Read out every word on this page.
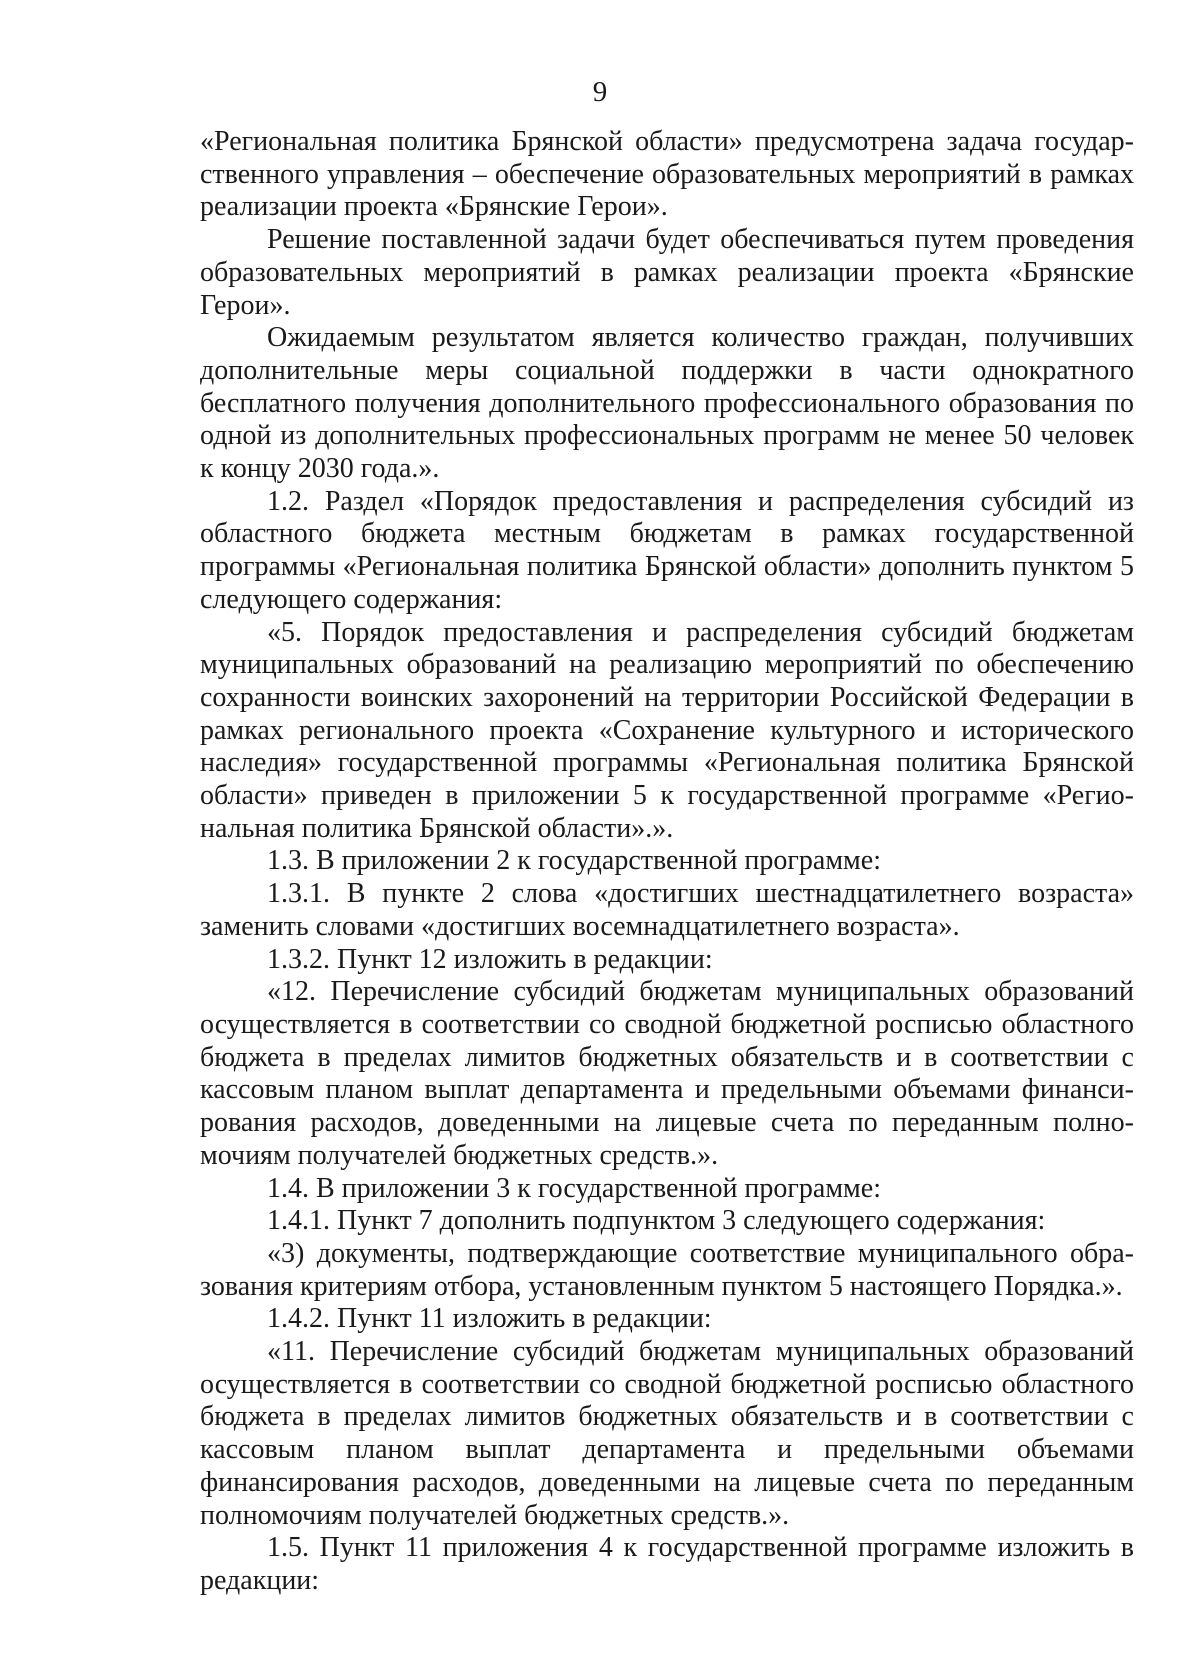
9

«Региональная политика Брянской области» предусмотрена задача государственного управления – обеспечение образовательных мероприятий в рамках реализации проекта «Брянские Герои».

Решение поставленной задачи будет обеспечиваться путем проведения образовательных мероприятий в рамках реализации проекта «Брянские Герои».

Ожидаемым результатом является количество граждан, получивших дополнительные меры социальной поддержки в части однократного бесплатного получения дополнительного профессионального образования по одной из дополнительных профессиональных программ не менее 50 человек к концу 2030 года.».

1.2. Раздел «Порядок предоставления и распределения субсидий из областного бюджета местным бюджетам в рамках государственной программы «Региональная политика Брянской области» дополнить пунктом 5 следующего содержания:

«5. Порядок предоставления и распределения субсидий бюджетам муниципальных образований на реализацию мероприятий по обеспечению сохранности воинских захоронений на территории Российской Федерации в рамках регионального проекта «Сохранение культурного и исторического наследия» государственной программы «Региональная политика Брянской области» приведен в приложении 5 к государственной программе «Региональная политика Брянской области».».

1.3. В приложении 2 к государственной программе:

1.3.1. В пункте 2 слова «достигших шестнадцатилетнего возраста» заменить словами «достигших восемнадцатилетнего возраста».

1.3.2. Пункт 12 изложить в редакции:

«12. Перечисление субсидий бюджетам муниципальных образований осуществляется в соответствии со сводной бюджетной росписью областного бюджета в пределах лимитов бюджетных обязательств и в соответствии с кассовым планом выплат департамента и предельными объемами финансирования расходов, доведенными на лицевые счета по переданным полномочиям получателей бюджетных средств.».

1.4. В приложении 3 к государственной программе:

1.4.1. Пункт 7 дополнить подпунктом 3 следующего содержания:

«3) документы, подтверждающие соответствие муниципального образования критериям отбора, установленным пунктом 5 настоящего Порядка.».

1.4.2. Пункт 11 изложить в редакции:

«11. Перечисление субсидий бюджетам муниципальных образований осуществляется в соответствии со сводной бюджетной росписью областного бюджета в пределах лимитов бюджетных обязательств и в соответствии с кассовым планом выплат департамента и предельными объемами финансирования расходов, доведенными на лицевые счета по переданным полномочиям получателей бюджетных средств.».

1.5. Пункт 11 приложения 4 к государственной программе изложить в редакции:
